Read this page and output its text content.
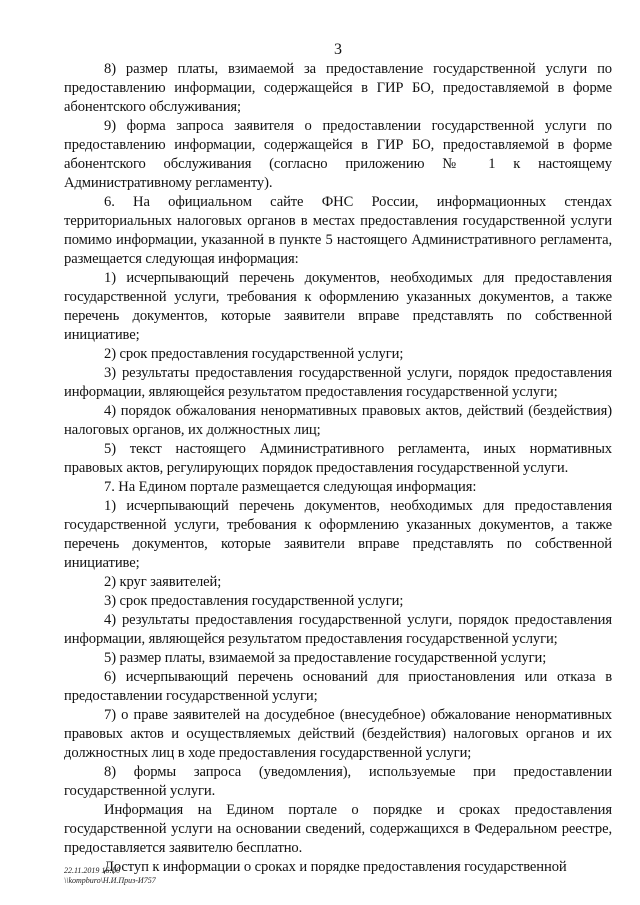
3

8) размер платы, взимаемой за предоставление государственной услуги по предоставлению информации, содержащейся в ГИР БО, предоставляемой в форме абонентского обслуживания;

9) форма запроса заявителя о предоставлении государственной услуги по предоставлению информации, содержащейся в ГИР БО, предоставляемой в форме абонентского обслуживания (согласно приложению № 1 к настоящему Административному регламенту).

6. На официальном сайте ФНС России, информационных стендах территориальных налоговых органов в местах предоставления государственной услуги помимо информации, указанной в пункте 5 настоящего Административного регламента, размещается следующая информация:

1) исчерпывающий перечень документов, необходимых для предоставления государственной услуги, требования к оформлению указанных документов, а также перечень документов, которые заявители вправе представлять по собственной инициативе;

2) срок предоставления государственной услуги;

3) результаты предоставления государственной услуги, порядок предоставления информации, являющейся результатом предоставления государственной услуги;

4) порядок обжалования ненормативных правовых актов, действий (бездействия) налоговых органов, их должностных лиц;

5) текст настоящего Административного регламента, иных нормативных правовых актов, регулирующих порядок предоставления государственной услуги.

7. На Едином портале размещается следующая информация:

1) исчерпывающий перечень документов, необходимых для предоставления государственной услуги, требования к оформлению указанных документов, а также перечень документов, которые заявители вправе представлять по собственной инициативе;

2) круг заявителей;

3) срок предоставления государственной услуги;

4) результаты предоставления государственной услуги, порядок предоставления информации, являющейся результатом предоставления государственной услуги;

5) размер платы, взимаемой за предоставление государственной услуги;

6) исчерпывающий перечень оснований для приостановления или отказа в предоставлении государственной услуги;

7) о праве заявителей на досудебное (внесудебное) обжалование ненормативных правовых актов и осуществляемых действий (бездействия) налоговых органов и их должностных лиц в ходе предоставления государственной услуги;

8) формы запроса (уведомления), используемые при предоставлении государственной услуги.

Информация на Едином портале о порядке и сроках предоставления государственной услуги на основании сведений, содержащихся в Федеральном реестре, предоставляется заявителю бесплатно.

Доступ к информации о сроках и порядке предоставления государственной

22.11.2019 16:50
\\kompburo\Н.И.Приз-И757
